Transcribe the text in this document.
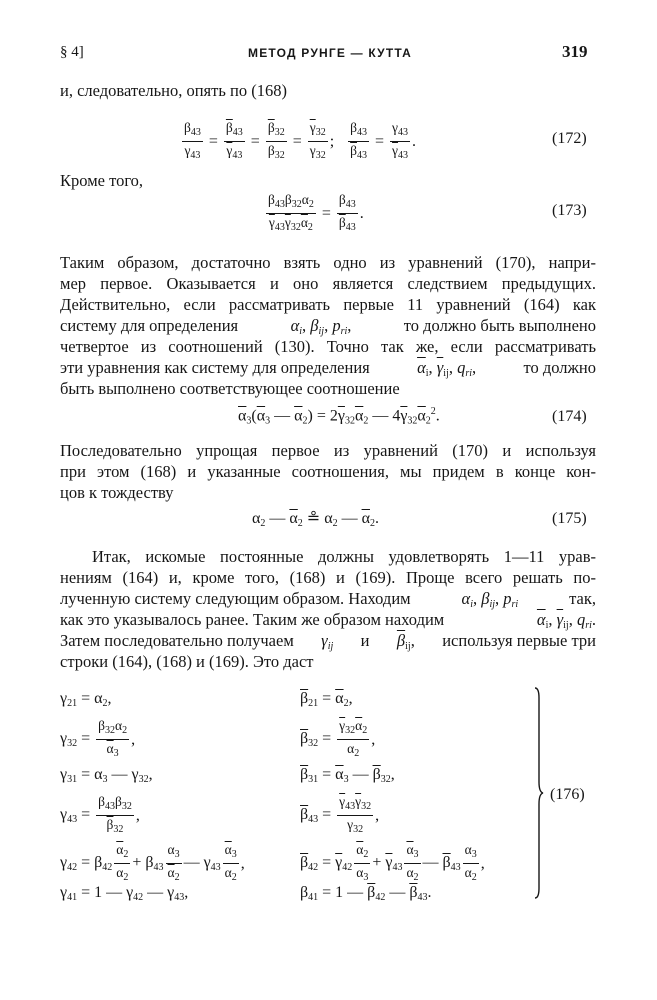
§ 4]	МЕТОД РУНГЕ — КУТТА	319
и, следовательно, опять по (168)
$\frac{\beta_{43}}{\gamma_{43}} = \frac{\overline{\beta}_{43}}{\overline{\gamma}_{43}} = \frac{\overline{\beta}_{32}}{\beta_{32}} = \frac{\overline{\gamma}_{32}}{\gamma_{32}}$ ; $\frac{\beta_{43}}{\overline{\beta}_{43}} = \frac{\gamma_{43}}{\overline{\gamma}_{43}}$ .	(172)
Кроме того,
$\frac{\beta_{43}\beta_{32}\alpha_2}{\overline{\gamma}_{43}\overline{\gamma}_{32}\overline{\alpha}_2} = \frac{\beta_{43}}{\overline{\beta}_{43}}$ .	(173)
Таким образом, достаточно взять одно из уравнений (170), напри-
мер первое. Оказывается и оно является следствием предыдущих.
Действительно, если рассматривать первые 11 уравнений (164) как
систему для определения	$\alpha_i$, $\beta_{ij}$, $p_{ri}$,	то должно быть выполнено
четвертое из соотношений (130). Точно так же, если рассматривать
эти уравнения как систему для определения	$\overline{\alpha}_i$, $\overline{\gamma}_{ij}$, $q_{ri}$,	то должно
быть выполнено соответствующее соотношение
$\overline{\alpha}_3(\overline{\alpha}_3$ — $\overline{\alpha}_2) = 2\overline{\gamma}_{32}\overline{\alpha}_2$ — $4\overline{\gamma}_{32}\overline{\alpha}_2^2$.	(174)
Последовательно упрощая первое из уравнений (170) и используя
при этом (168) и указанные соотношения, мы придем в конце кон-
цов к тождеству
$\alpha_2$ — $\overline{\alpha}_2$ ≗ $\alpha_2$ — $\overline{\alpha}_2$.	(175)
Итак, искомые постоянные должны удовлетворять 1—11 урав-
нениям (164) и, кроме того, (168) и (169). Проще всего решать по-
лученную систему следующим образом. Находим	$\alpha_i$, $\beta_{ij}$, $p_{ri}$	так,
как это указывалось ранее. Таким же образом находим	$\overline{\alpha}_i$, $\overline{\gamma}_{ij}$, $q_{ri}$.
Затем последовательно получаем $\gamma_{ij}$ и $\overline{\beta}_{ij}$, используя первые три
строки (164), (168) и (169). Это даст
$\gamma_{21} = \alpha_2$,
$\gamma_{32} = \frac{\beta_{32}\alpha_2}{\overline{\alpha}_3}$ ,
$\gamma_{31} = \alpha_3$ — $\gamma_{32}$,
$\gamma_{43} = \frac{\beta_{43}\beta_{32}}{\overline{\beta}_{32}}$ ,
$\gamma_{42} = \beta_{42} \frac{\overline{\alpha}_2}{\alpha_2} + \beta_{43} \frac{\alpha_3}{\overline{\alpha}_2}$ — $\gamma_{43} \frac{\overline{\alpha}_3}{\alpha_2}$ ,
$\gamma_{41} = 1$ — $\gamma_{42}$ — $\gamma_{43}$,
$\overline{\beta}_{21} = \overline{\alpha}_2$,
$\overline{\beta}_{32} = \frac{\overline{\gamma}_{32}\overline{\alpha}_2}{\alpha_2}$ ,
$\overline{\beta}_{31} = \overline{\alpha}_3$ — $\overline{\beta}_{32}$,
$\overline{\beta}_{43} = \frac{\overline{\gamma}_{43}\overline{\gamma}_{32}}{\gamma_{32}}$ ,
$\overline{\beta}_{42} = \overline{\gamma}_{42} \frac{\overline{\alpha}_2}{\alpha_3} + \overline{\gamma}_{43} \frac{\overline{\alpha}_3}{\alpha_2}$ — $\overline{\beta}_{43} \frac{\alpha_3}{\alpha_2}$ ,
$\beta_{41} = 1$ — $\overline{\beta}_{42}$ — $\overline{\beta}_{43}$.
(176)
